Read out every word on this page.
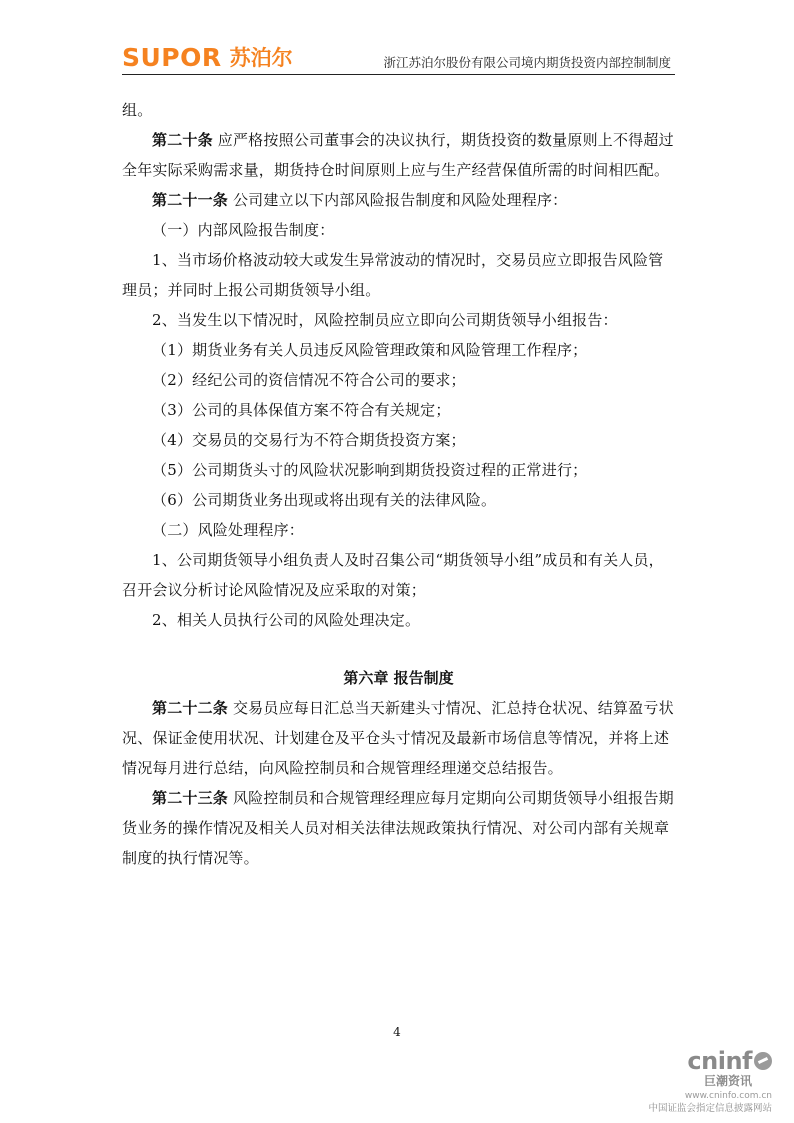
SUPOR 苏泊尔	浙江苏泊尔股份有限公司境内期货投资内部控制制度

组。

第二十条 应严格按照公司董事会的决议执行，期货投资的数量原则上不得超过全年实际采购需求量，期货持仓时间原则上应与生产经营保值所需的时间相匹配。

第二十一条 公司建立以下内部风险报告制度和风险处理程序：

（一）内部风险报告制度：

1、当市场价格波动较大或发生异常波动的情况时，交易员应立即报告风险管理员；并同时上报公司期货领导小组。

2、当发生以下情况时，风险控制员应立即向公司期货领导小组报告：

（1）期货业务有关人员违反风险管理政策和风险管理工作程序；

（2）经纪公司的资信情况不符合公司的要求；

（3）公司的具体保值方案不符合有关规定；

（4）交易员的交易行为不符合期货投资方案；

（5）公司期货头寸的风险状况影响到期货投资过程的正常进行；

（6）公司期货业务出现或将出现有关的法律风险。

（二）风险处理程序：

1、公司期货领导小组负责人及时召集公司“期货领导小组”成员和有关人员，召开会议分析讨论风险情况及应采取的对策；

2、相关人员执行公司的风险处理决定。

第六章 报告制度

第二十二条 交易员应每日汇总当天新建头寸情况、汇总持仓状况、结算盈亏状况、保证金使用状况、计划建仓及平仓头寸情况及最新市场信息等情况，并将上述情况每月进行总结，向风险控制员和合规管理经理递交总结报告。

第二十三条 风险控制员和合规管理经理应每月定期向公司期货领导小组报告期货业务的操作情况及相关人员对相关法律法规政策执行情况、对公司内部有关规章制度的执行情况等。

4
cninf
巨潮资讯
www.cninfo.com.cn
中国证监会指定信息披露网站
